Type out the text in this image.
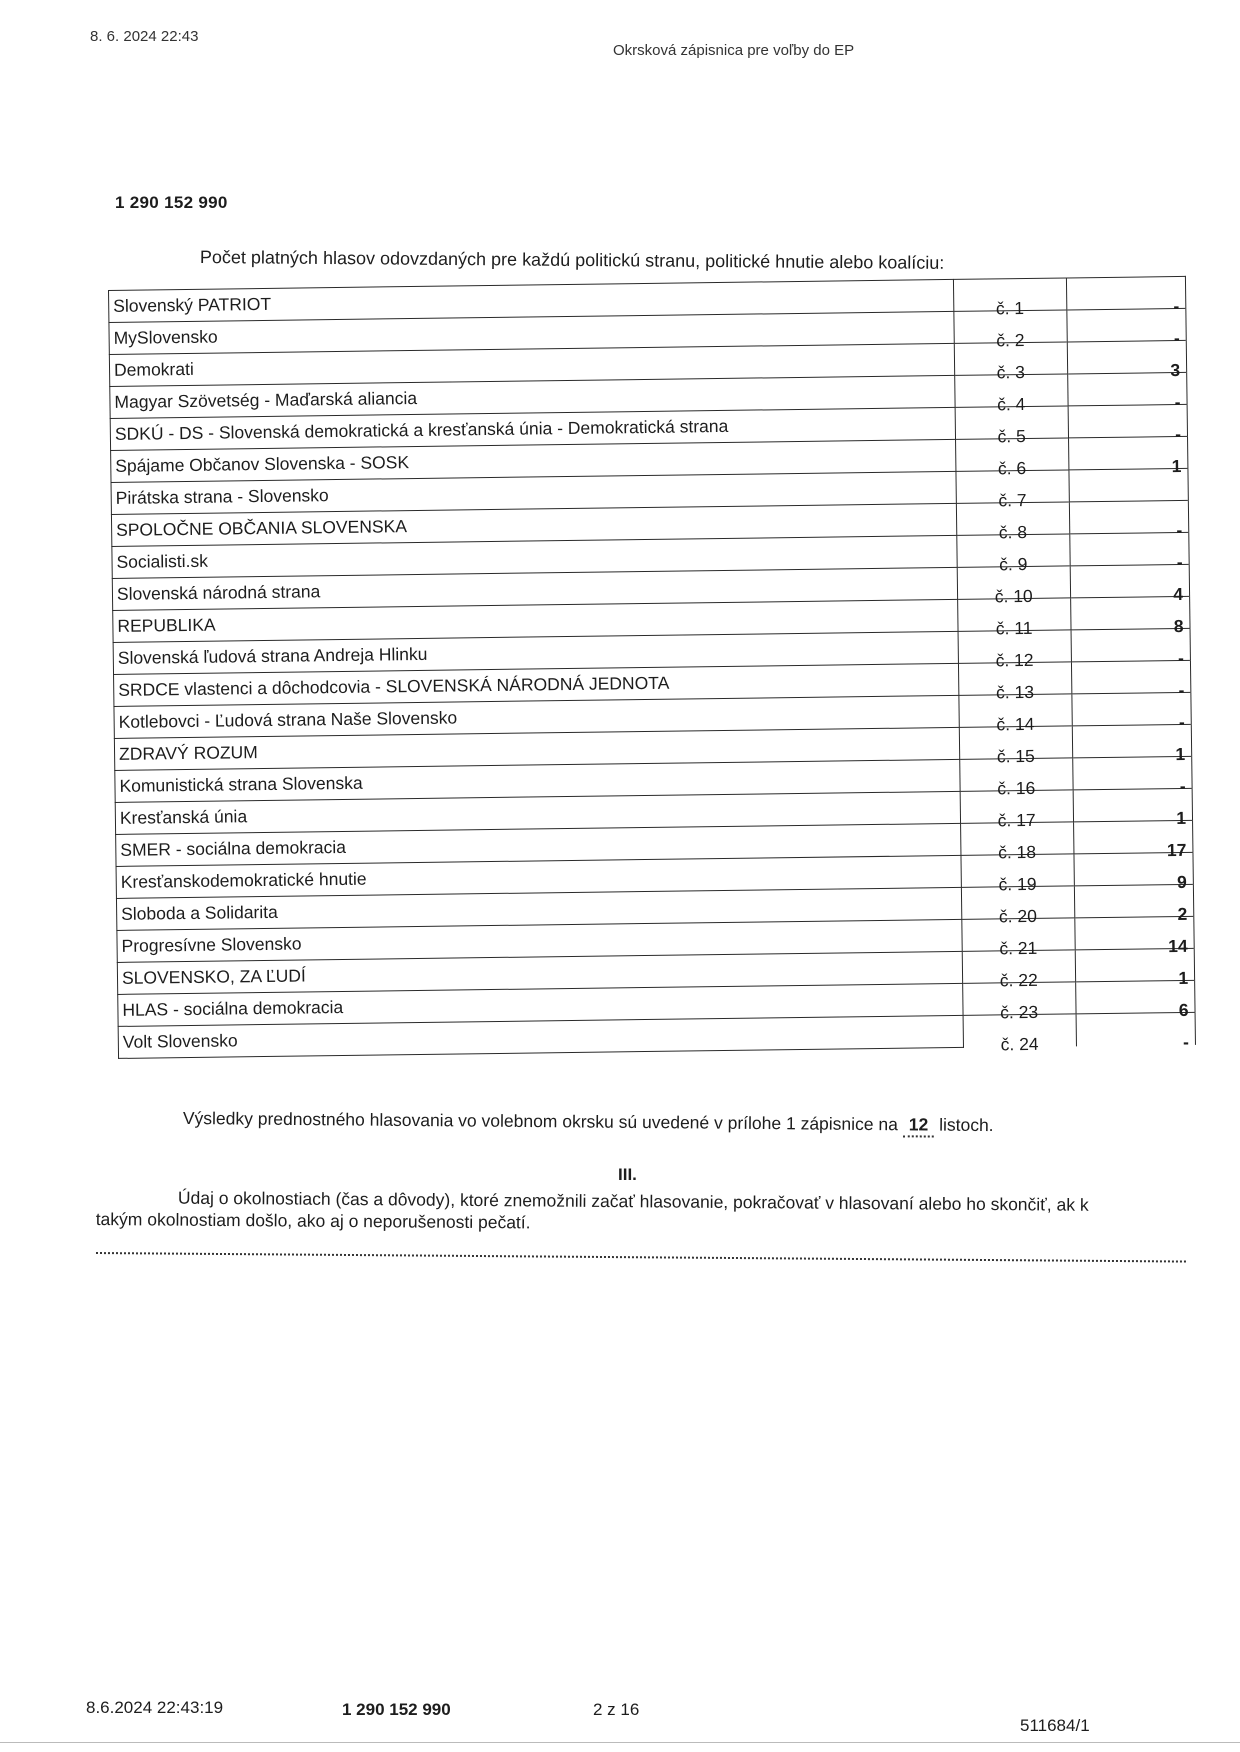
8. 6. 2024 22:43
Okrsková zápisnica pre voľby do EP
1 290 152 990
Počet platných hlasov odovzdaných pre každú politickú stranu, politické hnutie alebo koalíciu:
Slovenský PATRIOT	č. 1	-
MySlovensko	č. 2	-
Demokrati	č. 3	3
Magyar Szövetség - Maďarská aliancia	č. 4	-
SDKÚ - DS - Slovenská demokratická a kresťanská únia - Demokratická strana	č. 5	-
Spájame Občanov Slovenska - SOSK	č. 6	1
Pirátska strana - Slovensko	č. 7	
SPOLOČNE OBČANIA SLOVENSKA	č. 8	-
Socialisti.sk	č. 9	-
Slovenská národná strana	č. 10	4
REPUBLIKA	č. 11	8
Slovenská ľudová strana Andreja Hlinku	č. 12	-
SRDCE vlastenci a dôchodcovia - SLOVENSKÁ NÁRODNÁ JEDNOTA	č. 13	-
Kotlebovci - Ľudová strana Naše Slovensko	č. 14	-
ZDRAVÝ ROZUM	č. 15	1
Komunistická strana Slovenska	č. 16	-
Kresťanská únia	č. 17	1
SMER - sociálna demokracia	č. 18	17
Kresťanskodemokratické hnutie	č. 19	9
Sloboda a Solidarita	č. 20	2
Progresívne Slovensko	č. 21	14
SLOVENSKO, ZA ĽUDÍ	č. 22	1
HLAS - sociálna demokracia	č. 23	6
Volt Slovensko	č. 24	-
Výsledky prednostného hlasovania vo volebnom okrsku sú uvedené v prílohe 1 zápisnice na 12 listoch.
III.
Údaj o okolnostiach (čas a dôvody), ktoré znemožnili začať hlasovanie, pokračovať v hlasovaní alebo ho skončiť, ak k takým okolnostiam došlo, ako aj o neporušenosti pečatí.
8.6.2024 22:43:19	1 290 152 990	2 z 16
511684/1
